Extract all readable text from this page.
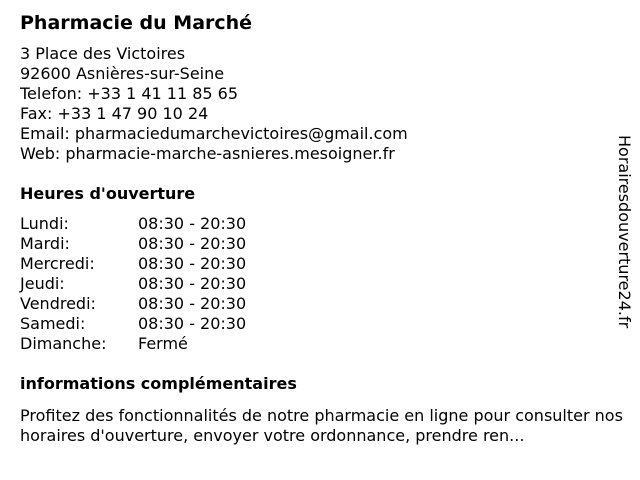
Pharmacie du Marché
3 Place des Victoires
92600 Asnières-sur-Seine
Telefon: +33 1 41 11 85 65
Fax: +33 1 47 90 10 24
Email: pharmaciedumarchevictoires@gmail.com
Web: pharmacie-marche-asnieres.mesoigner.fr
Heures d'ouverture
Lundi:	08:30 - 20:30
Mardi:	08:30 - 20:30
Mercredi:	08:30 - 20:30
Jeudi:	08:30 - 20:30
Vendredi:	08:30 - 20:30
Samedi:	08:30 - 20:30
Dimanche:	Fermé
informations complémentaires
Profitez des fonctionnalités de notre pharmacie en ligne pour consulter nos horaires d'ouverture, envoyer votre ordonnance, prendre ren...
Horairesdouverture24.fr
